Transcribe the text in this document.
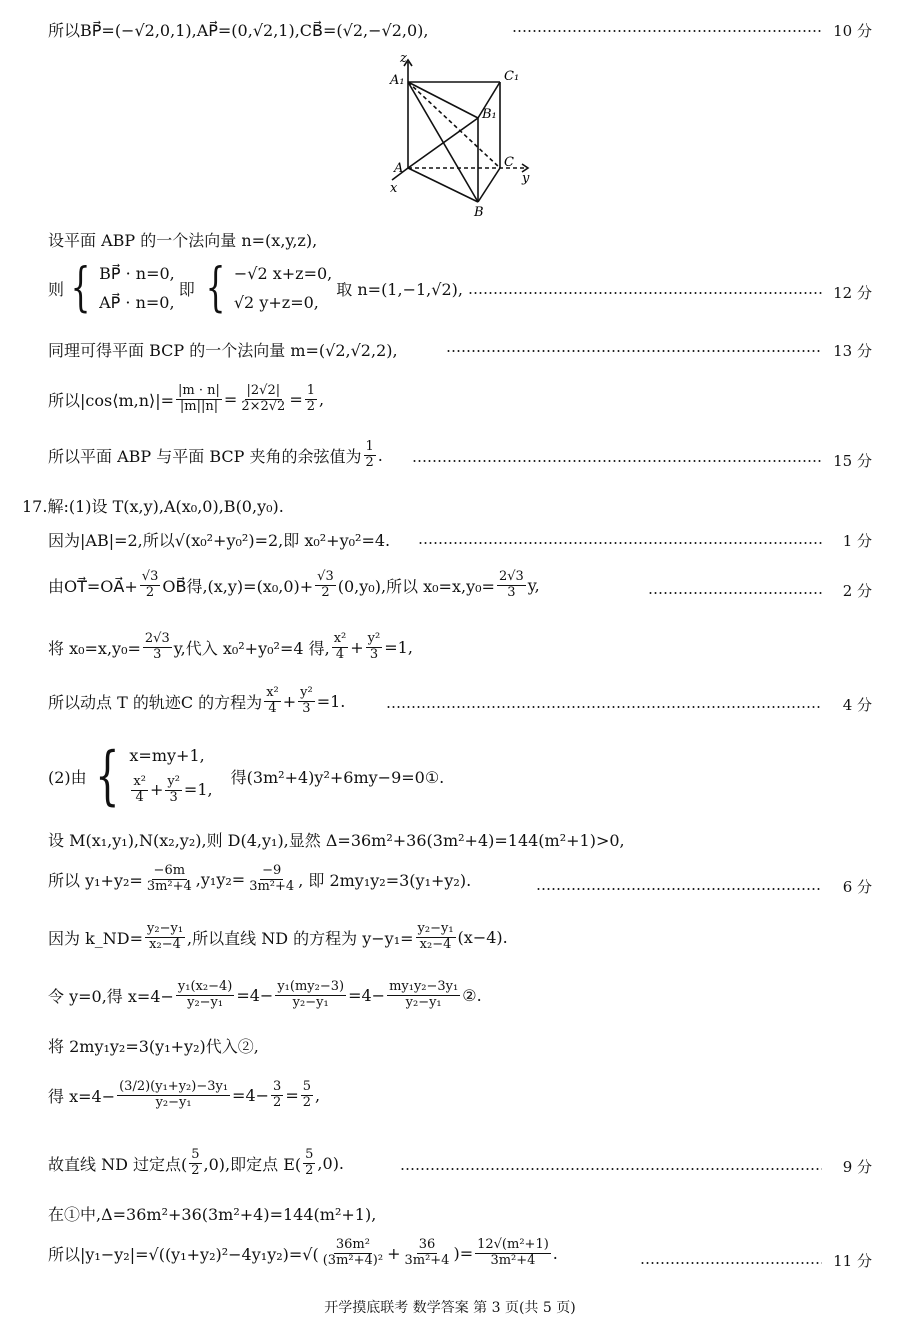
所以BP⃗=(−√2,0,1),AP⃗=(0,√2,1),CB⃗=(√2,−√2,0),	10 分
z
A₁	C₁
B₁
A	C
y
x
B
设平面 ABP 的一个法向量 n=(x,y,z),
则 { BP⃗ · n=0,
AP⃗ · n=0,
即 { −√2 x+z=0,
√2 y+z=0,
取 n=(1,−1,√2),	12 分
同理可得平面 BCP 的一个法向量 m=(√2,√2,2),	13 分
所以|cos⟨m,n⟩|= $\frac{|m \cdot n|}{|m||n|} = \frac{|2√2|}{2\times 2√2} = \frac{1}{2}$ ,
所以平面 ABP 与平面 BCP 夹角的余弦值为 $\frac{1}{2}$ .	15 分
17.解:(1)设 T(x,y),A(x₀,0),B(0,y₀).
因为|AB|=2,所以√(x₀²+y₀²)=2,即 x₀²+y₀²=4.	1 分
由OT⃗=OA⃗+ $\frac{√3}{2}$ OB⃗得$,(x,y)=(x_0,0)+ \frac{√3}{2} (0,y_0)$,所以 $x_0=x,y_0= \frac{2√3}{3} y$,	2 分
将 $x_0=x,y_0= \frac{2√3}{3} y$,代入 x₀²+y₀²=4 得, $\frac{\text{x²}}{4} + \frac{\text{y²}}{3} =1$,
所以动点 T 的轨迹C 的方程为 $\frac{\text{x²}}{4} + \frac{\text{y²}}{3} =1$.	4 分
(2)由 { x=my+1,
$\frac{\text{x²}}{4} + \frac{\text{y²}}{3} =1$,
得(3m²+4)y²+6my−9=0①.
设 M(x₁,y₁),N(x₂,y₂),则 D(4,y₁),显然 Δ=36m²+36(3m²+4)=144(m²+1)>0,
所以 $y_1+y_2= \frac{-6m}{\text{3m²+4}} ,y_1y_2= \frac{-9}{\text{3m²+4}}$ , 即 2my₁y₂=3(y₁+y₂).	6 分
因为 k_ND= $\frac{\text{y₂−y₁}}{\text{x₂−4}}$ ,所以直线 ND 的方程为 $y-y_1= \frac{\text{y₂−y₁}}{\text{x₂−4}} (x-4)$.
令 y=0,得 $x=4- \frac{\text{y₁(x₂−4)}}{\text{y₂−y₁}} =4- \frac{\text{y₁(my₂−3)}}{\text{y₂−y₁}} =4- \frac{\text{my₁y₂−3y₁}}{\text{y₂−y₁}}$ ②.
将 2my₁y₂=3(y₁+y₂)代入②,
得 $x=4- \frac{\text{(3/2)(y₁+y₂)−3y₁}}{\text{y₂−y₁}} =4- \frac{3}{2} = \frac{5}{2}$ ,
故直线 ND 过定点( $\frac{5}{2} ,0$),即定点 $E( \frac{5}{2} ,0)$.	9 分
在①中,Δ=36m²+36(3m²+4)=144(m²+1),
所以$|y_1-y_2|=√((y_1+y_2)^2-4y_1y_2)=√( \frac{\text{36m²}}{\text{(3m²+4)²}} + \frac{36}{\text{3m²+4}}$ )= $\frac{\text{12√(m²+1)}}{\text{3m²+4}}$ .	11 分
开学摸底联考 数学答案 第 3 页(共 5 页)
